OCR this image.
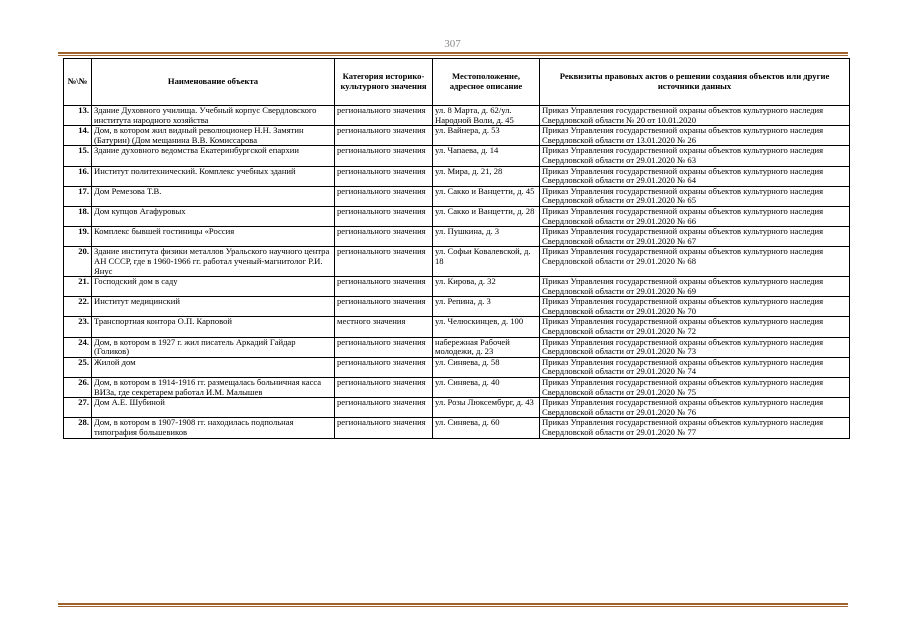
307
№\№	Наименование объекта	Категория историко-культурного значения	Местоположение, адресное описание	Реквизиты правовых актов о решении создания объектов или другие источники данных
13.	Здание Духовного училища. Учебный корпус Свердловского института народного хозяйства	регионального значения	ул. 8 Марта, д. 62/ул. Народной Воли, д. 45	Приказ Управления государственной охраны объектов культурного наследия Свердловской области № 20 от 10.01.2020
14.	Дом, в котором жил видный революционер Н.Н. Замятин (Батурин) (Дом мещанина В.В. Комиссарова	регионального значения	ул. Вайнера, д. 53	Приказ Управления государственной охраны объектов культурного наследия Свердловской области от 13.01.2020 № 26
15.	Здание духовного ведомства Екатеринбургской епархии	регионального значения	ул. Чапаева, д. 14	Приказ Управления государственной охраны объектов культурного наследия Свердловской области от 29.01.2020 № 63
16.	Институт политехнический. Комплекс учебных зданий	регионального значения	ул. Мира, д. 21, 28	Приказ Управления государственной охраны объектов культурного наследия Свердловской области от 29.01.2020 № 64
17.	Дом Ремезова Т.В.	регионального значения	ул. Сакко и Ванцетти, д. 45	Приказ Управления государственной охраны объектов культурного наследия Свердловской области от 29.01.2020 № 65
18.	Дом купцов Агафуровых	регионального значения	ул. Сакко и Ванцетти, д. 28	Приказ Управления государственной охраны объектов культурного наследия Свердловской области от 29.01.2020 № 66
19.	Комплекс бывшей гостиницы «Россия	регионального значения	ул. Пушкина, д. 3	Приказ Управления государственной охраны объектов культурного наследия Свердловской области от 29.01.2020 № 67
20.	Здание института физики металлов Уральского научного центра АН СССР, где в 1960-1966 гг. работал ученый-магнитолог Р.И. Янус	регионального значения	ул. Софьи Ковалевской, д. 18	Приказ Управления государственной охраны объектов культурного наследия Свердловской области от 29.01.2020 № 68
21.	Господский дом в саду	регионального значения	ул. Кирова, д. 32	Приказ Управления государственной охраны объектов культурного наследия Свердловской области от 29.01.2020 № 69
22.	Институт медицинский	регионального значения	ул. Репина, д. 3	Приказ Управления государственной охраны объектов культурного наследия Свердловской области от 29.01.2020 № 70
23.	Транспортная контора О.П. Карповой	местного значения	ул. Челюскинцев, д. 100	Приказ Управления государственной охраны объектов культурного наследия Свердловской области от 29.01.2020 № 72
24.	Дом, в котором в 1927 г. жил писатель Аркадий Гайдар (Голиков)	регионального значения	набережная Рабочей молодежи, д. 23	Приказ Управления государственной охраны объектов культурного наследия Свердловской области от 29.01.2020 № 73
25.	Жилой дом	регионального значения	ул. Синяева, д. 58	Приказ Управления государственной охраны объектов культурного наследия Свердловской области от 29.01.2020 № 74
26.	Дом, в котором в 1914-1916 гг. размещалась больничная касса ВИЗа, где секретарем работал И.М. Малышев	регионального значения	ул. Синяева, д. 40	Приказ Управления государственной охраны объектов культурного наследия Свердловской области от 29.01.2020 № 75
27.	Дом А.Е. Шубиной	регионального значения	ул. Розы Люксембург, д. 43	Приказ Управления государственной охраны объектов культурного наследия Свердловской области от 29.01.2020 № 76
28.	Дом, в котором в 1907-1908 гг. находилась подпольная типография большевиков	регионального значения	ул. Синяева, д. 60	Приказ Управления государственной охраны объектов культурного наследия Свердловской области от 29.01.2020 № 77
